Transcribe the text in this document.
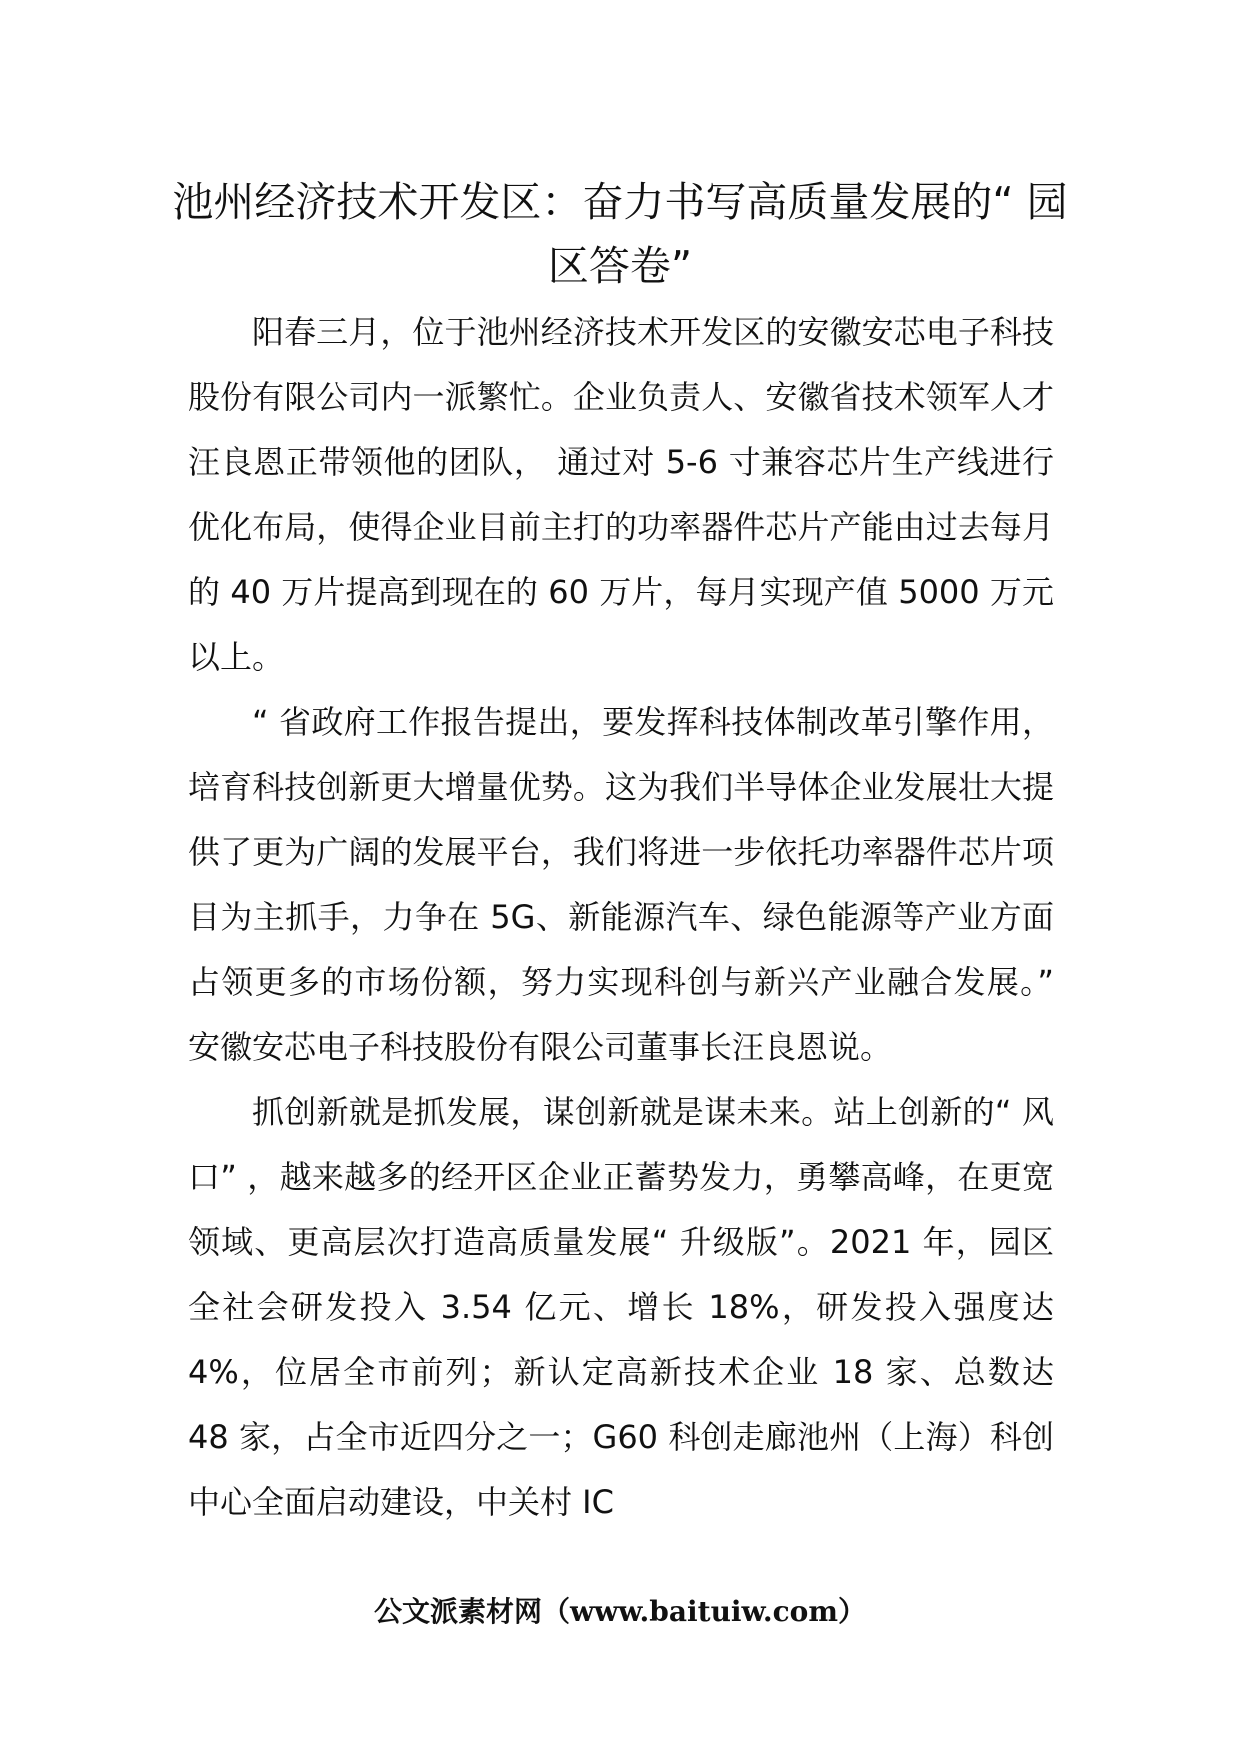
池州经济技术开发区：奋力书写高质量发展的“ 园区答卷”

阳春三月，位于池州经济技术开发区的安徽安芯电子科技股份有限公司内一派繁忙。企业负责人、安徽省技术领军人才汪良恩正带领他的团队， 通过对 5-6 寸兼容芯片生产线进行优化布局，使得企业目前主打的功率器件芯片产能由过去每月的 40 万片提高到现在的 60 万片，每月实现产值 5000 万元以上。

“ 省政府工作报告提出，要发挥科技体制改革引擎作用，培育科技创新更大增量优势。这为我们半导体企业发展壮大提供了更为广阔的发展平台，我们将进一步依托功率器件芯片项目为主抓手，力争在 5G、新能源汽车、绿色能源等产业方面占领更多的市场份额，努力实现科创与新兴产业融合发展。” 安徽安芯电子科技股份有限公司董事长汪良恩说。

抓创新就是抓发展，谋创新就是谋未来。站上创新的“ 风口” ，越来越多的经开区企业正蓄势发力，勇攀高峰，在更宽领域、更高层次打造高质量发展“ 升级版”。2021 年，园区全社会研发投入 3.54 亿元、增长 18%，研发投入强度达 4%，位居全市前列；新认定高新技术企业 18 家、总数达 48 家，占全市近四分之一；G60 科创走廊池州（上海）科创中心全面启动建设，中关村 IC

公文派素材网（www.baituiw.com）
